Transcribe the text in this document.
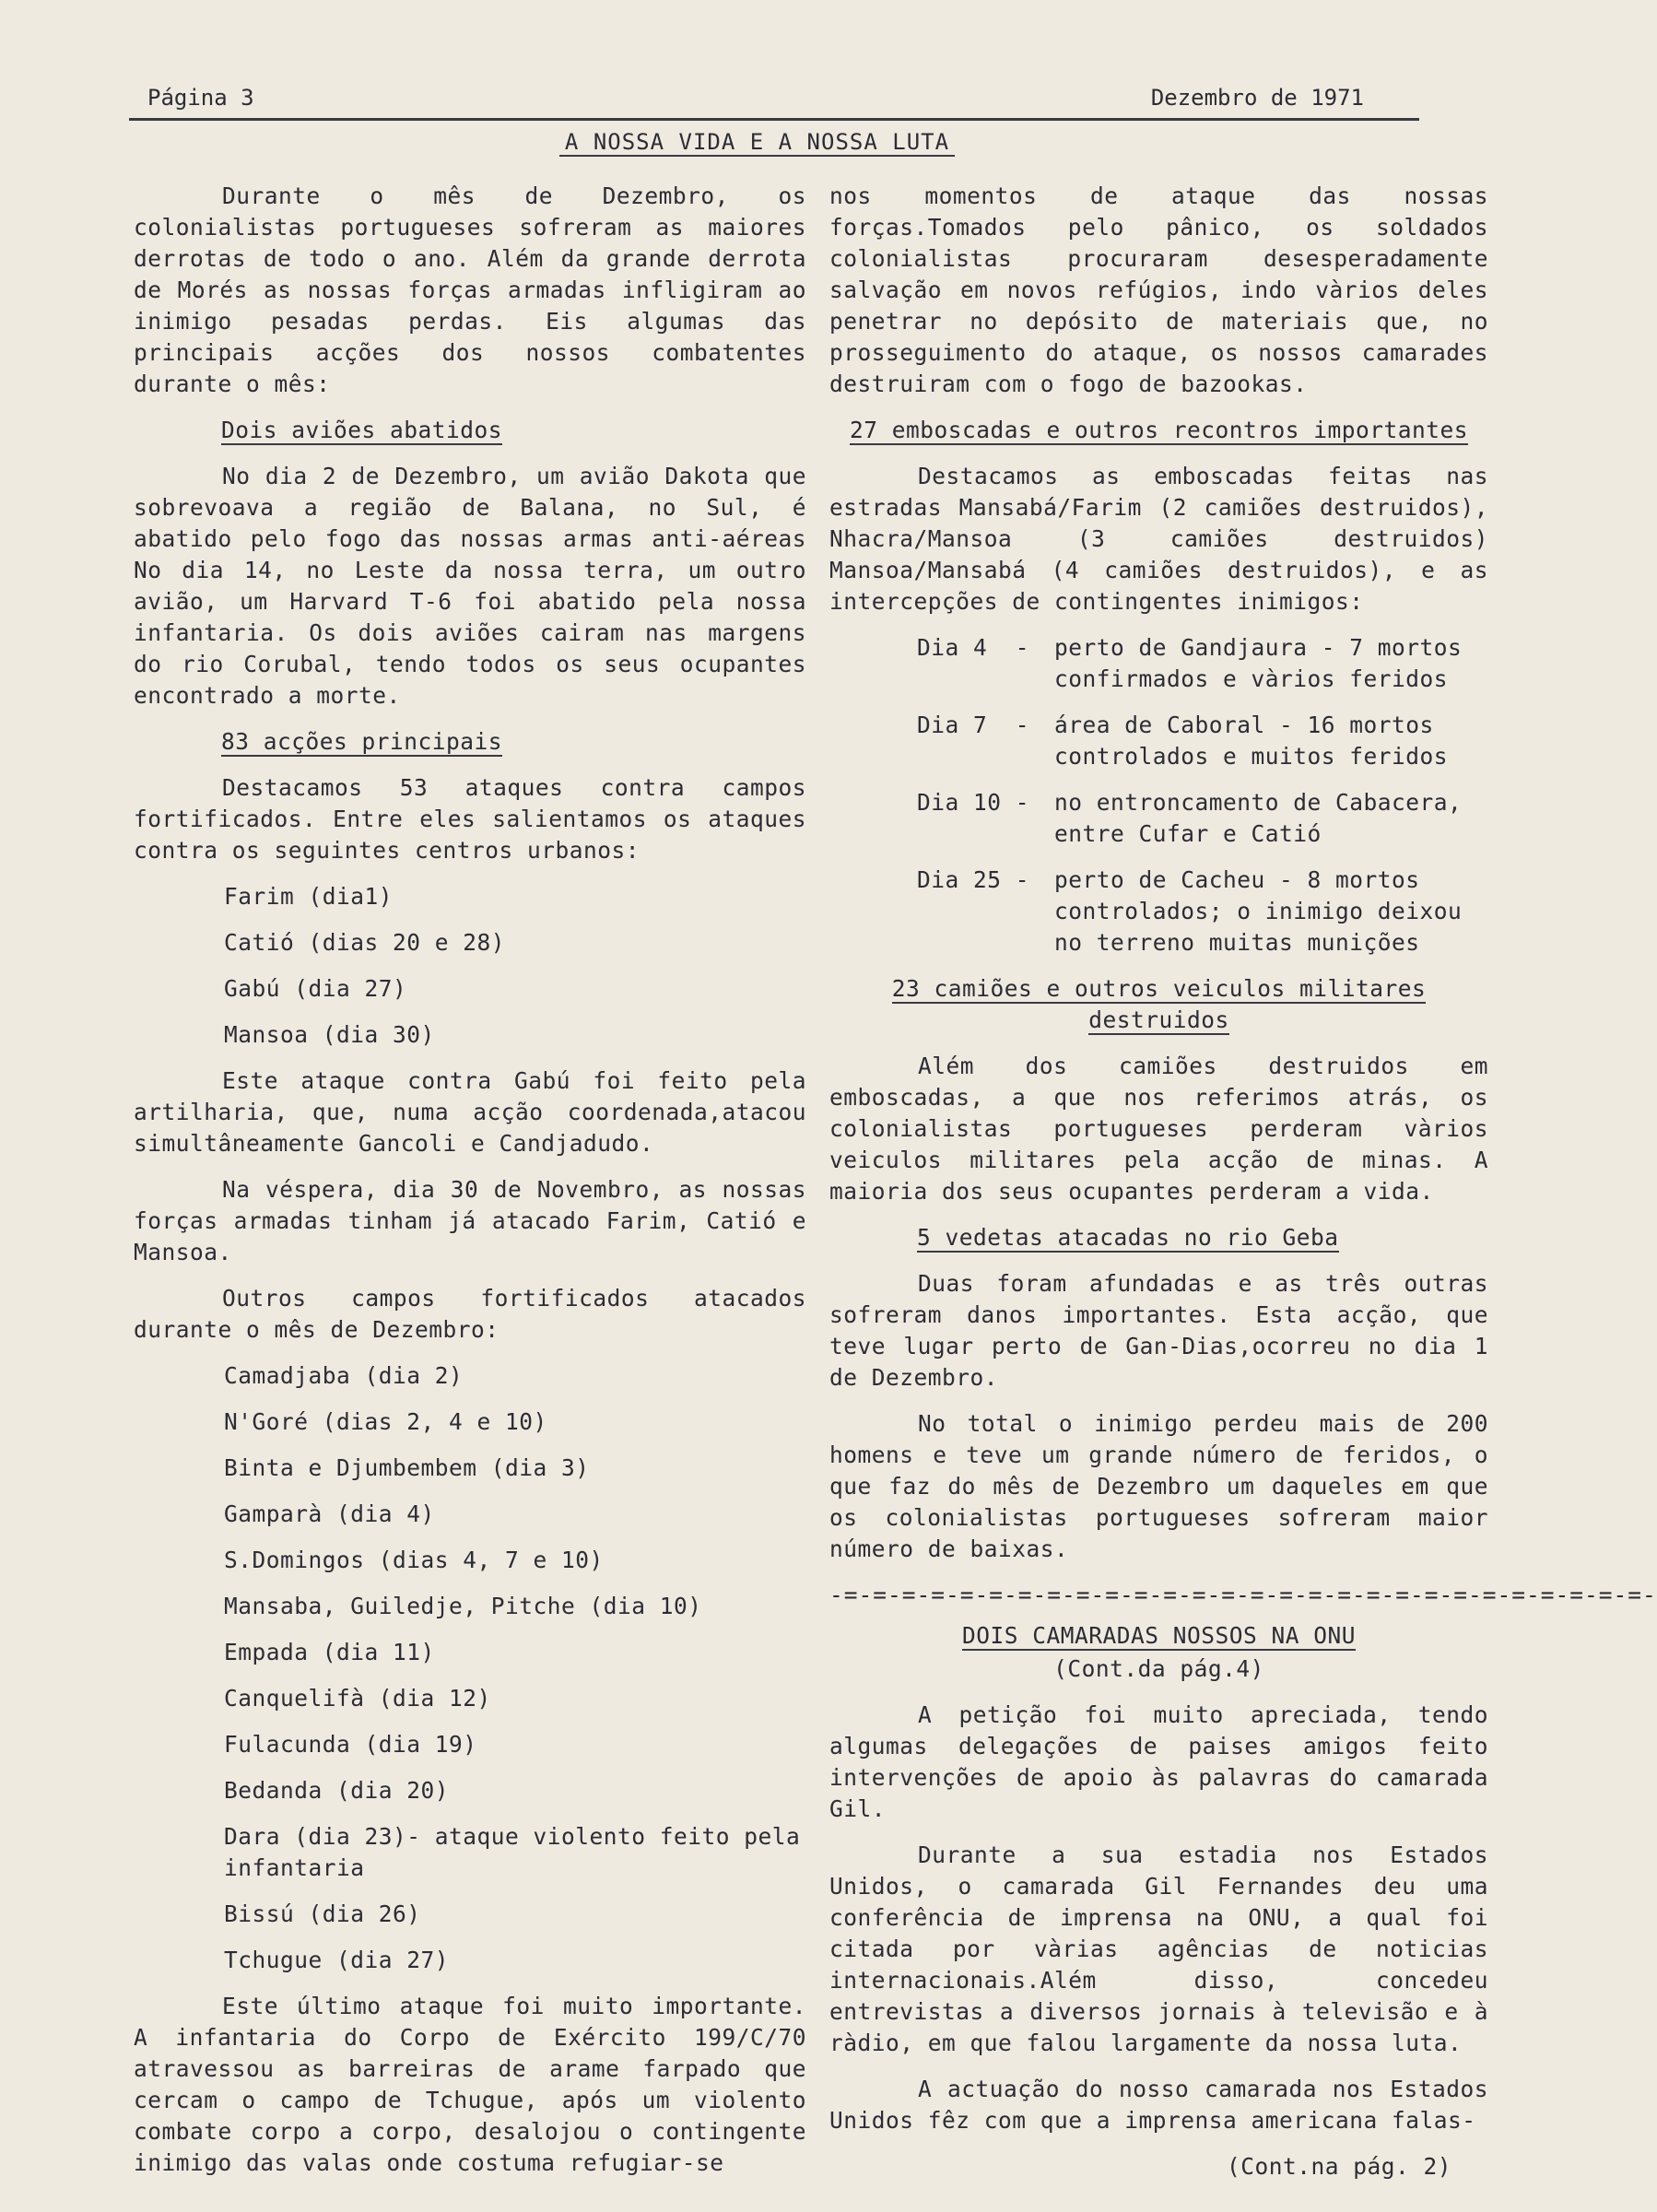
Página 3	Dezembro de 1971
A NOSSA VIDA E A NOSSA LUTA

Durante o mês de Dezembro, os colonialistas portugueses sofreram as maiores derrotas de todo o ano. Além da grande derrota de Morés as nossas forças armadas infligiram ao inimigo pesadas perdas. Eis algumas das principais acções dos nossos combatentes durante o mês:

Dois aviões abatidos

No dia 2 de Dezembro, um avião Dakota que sobrevoava a região de Balana, no Sul, é abatido pelo fogo das nossas armas anti-aéreas No dia 14, no Leste da nossa terra, um outro avião, um Harvard T-6 foi abatido pela nossa infantaria. Os dois aviões cairam nas margens do rio Corubal, tendo todos os seus ocupantes encontrado a morte.

83 acções principais

Destacamos 53 ataques contra campos fortificados. Entre eles salientamos os ataques contra os seguintes centros urbanos:

Farim (dia1)
Catió (dias 20 e 28)
Gabú (dia 27)
Mansoa (dia 30)

Este ataque contra Gabú foi feito pela artilharia, que, numa acção coordenada,atacou simultâneamente Gancoli e Candjadudo.

Na véspera, dia 30 de Novembro, as nossas forças armadas tinham já atacado Farim, Catió e Mansoa.

Outros campos fortificados atacados durante o mês de Dezembro:

Camadjaba (dia 2)
N'Goré (dias 2, 4 e 10)
Binta e Djumbembem (dia 3)
Gamparà (dia 4)
S.Domingos (dias 4, 7 e 10)
Mansaba, Guiledje, Pitche (dia 10)
Empada (dia 11)
Canquelifà (dia 12)
Fulacunda (dia 19)
Bedanda (dia 20)
Dara (dia 23)- ataque violento feito pela infantaria
Bissú (dia 26)
Tchugue (dia 27)

Este último ataque foi muito importante. A infantaria do Corpo de Exército 199/C/70 atravessou as barreiras de arame farpado que cercam o campo de Tchugue, após um violento combate corpo a corpo, desalojou o contingente inimigo das valas onde costuma refugiar-se

nos momentos de ataque das nossas forças.Tomados pelo pânico, os soldados colonialistas procuraram desesperadamente salvação em novos refúgios, indo vàrios deles penetrar no depósito de materiais que, no prosseguimento do ataque, os nossos camarades destruiram com o fogo de bazookas.

27 emboscadas e outros recontros importantes

Destacamos as emboscadas feitas nas estradas Mansabá/Farim (2 camiões destruidos), Nhacra/Mansoa (3 camiões destruidos) Mansoa/Mansabá (4 camiões destruidos), e as intercepções de contingentes inimigos:

Dia 4  -	perto de Gandjaura - 7 mortos confirmados e vàrios feridos
Dia 7  -	área de Caboral - 16 mortos controlados e muitos feridos
Dia 10 -	no entroncamento de Cabacera, entre Cufar e Catió
Dia 25 -	perto de Cacheu - 8 mortos controlados; o inimigo deixou no terreno muitas munições
23 camiões e outros veiculos militares destruidos

Além dos camiões destruidos em emboscadas, a que nos referimos atrás, os colonialistas portugueses perderam vàrios veiculos militares pela acção de minas. A maioria dos seus ocupantes perderam a vida.

5 vedetas atacadas no rio Geba

Duas foram afundadas e as três outras sofreram danos importantes. Esta acção, que teve lugar perto de Gan-Dias,ocorreu no dia 1 de Dezembro.

No total o inimigo perdeu mais de 200 homens e teve um grande número de feridos, o que faz do mês de Dezembro um daqueles em que os colonialistas portugueses sofreram maior número de baixas.

-=-=-=-=-=-=-=-=-=-=-=-=-=-=-=-=-=-=-=-=-=-=-=-=-=-=-=-=-
DOIS CAMARADAS NOSSOS NA ONU
(Cont.da pág.4)

A petição foi muito apreciada, tendo algumas delegações de paises amigos feito intervenções de apoio às palavras do camarada Gil.

Durante a sua estadia nos Estados Unidos, o camarada Gil Fernandes deu uma conferência de imprensa na ONU, a qual foi citada por vàrias agências de noticias internacionais.Além disso, concedeu entrevistas a diversos jornais à televisão e à ràdio, em que falou largamente da nossa luta.

A actuação do nosso camarada nos Estados Unidos fêz com que a imprensa americana falas-

(Cont.na pág. 2)
